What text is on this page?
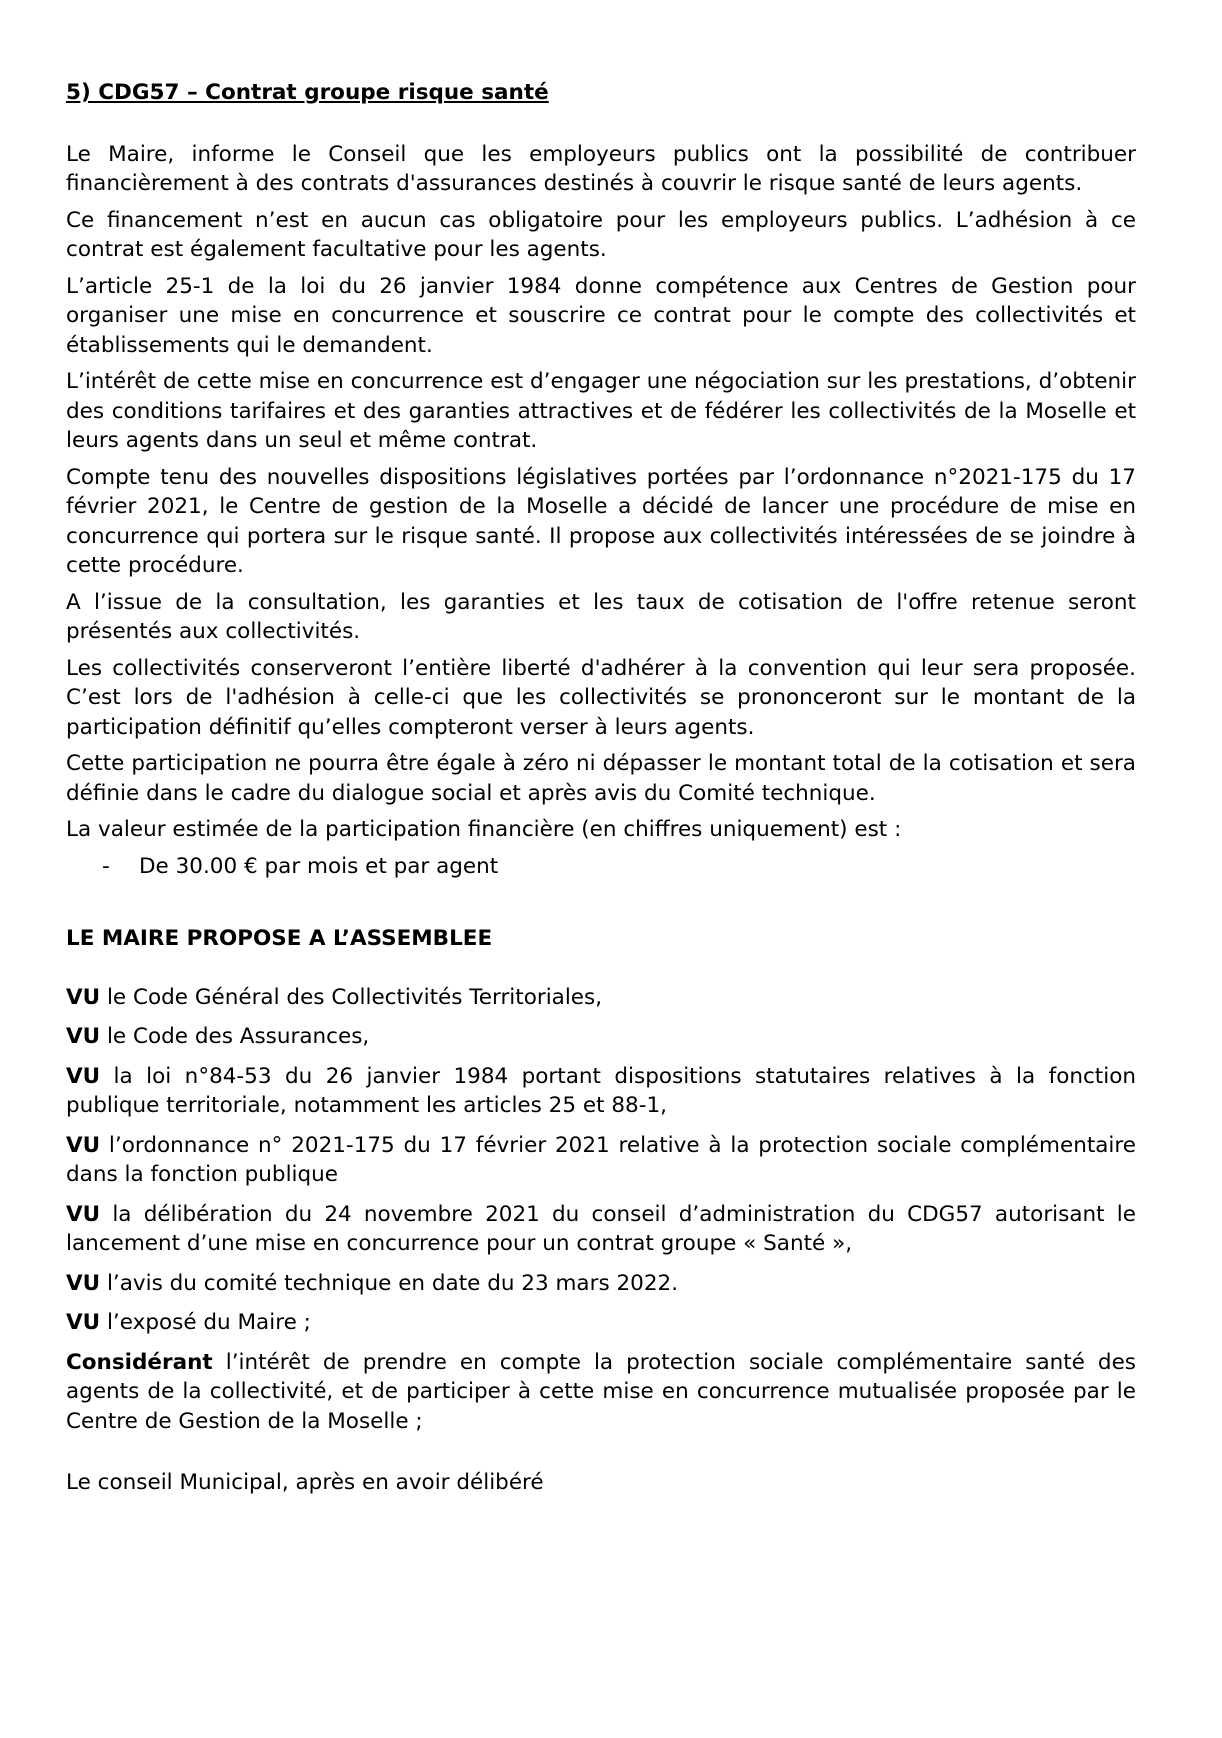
5) CDG57 – Contrat groupe risque santé

Le Maire, informe le Conseil que les employeurs publics ont la possibilité de contribuer financièrement à des contrats d'assurances destinés à couvrir le risque santé de leurs agents.

Ce financement n’est en aucun cas obligatoire pour les employeurs publics. L’adhésion à ce contrat est également facultative pour les agents.

L’article 25-1 de la loi du 26 janvier 1984 donne compétence aux Centres de Gestion pour organiser une mise en concurrence et souscrire ce contrat pour le compte des collectivités et établissements qui le demandent.

L’intérêt de cette mise en concurrence est d’engager une négociation sur les prestations, d’obtenir des conditions tarifaires et des garanties attractives et de fédérer les collectivités de la Moselle et leurs agents dans un seul et même contrat.

Compte tenu des nouvelles dispositions législatives portées par l’ordonnance n°2021-175 du 17 février 2021, le Centre de gestion de la Moselle a décidé de lancer une procédure de mise en concurrence qui portera sur le risque santé. Il propose aux collectivités intéressées de se joindre à cette procédure.

A l’issue de la consultation, les garanties et les taux de cotisation de l'offre retenue seront présentés aux collectivités.

Les collectivités conserveront l’entière liberté d'adhérer à la convention qui leur sera proposée. C’est lors de l'adhésion à celle-ci que les collectivités se prononceront sur le montant de la participation définitif qu’elles compteront verser à leurs agents.

Cette participation ne pourra être égale à zéro ni dépasser le montant total de la cotisation et sera définie dans le cadre du dialogue social et après avis du Comité technique.

La valeur estimée de la participation financière (en chiffres uniquement) est :

-	De 30.00 € par mois et par agent
LE MAIRE PROPOSE A L’ASSEMBLEE

VU le Code Général des Collectivités Territoriales,

VU le Code des Assurances,

VU la loi n°84-53 du 26 janvier 1984 portant dispositions statutaires relatives à la fonction publique territoriale, notamment les articles 25 et 88-1,

VU l’ordonnance n° 2021-175 du 17 février 2021 relative à la protection sociale complémentaire dans la fonction publique

VU la délibération du 24 novembre 2021 du conseil d’administration du CDG57 autorisant le lancement d’une mise en concurrence pour un contrat groupe « Santé »,

VU l’avis du comité technique en date du 23 mars 2022.

VU l’exposé du Maire ;

Considérant l’intérêt de prendre en compte la protection sociale complémentaire santé des agents de la collectivité, et de participer à cette mise en concurrence mutualisée proposée par le Centre de Gestion de la Moselle ;

Le conseil Municipal, après en avoir délibéré
